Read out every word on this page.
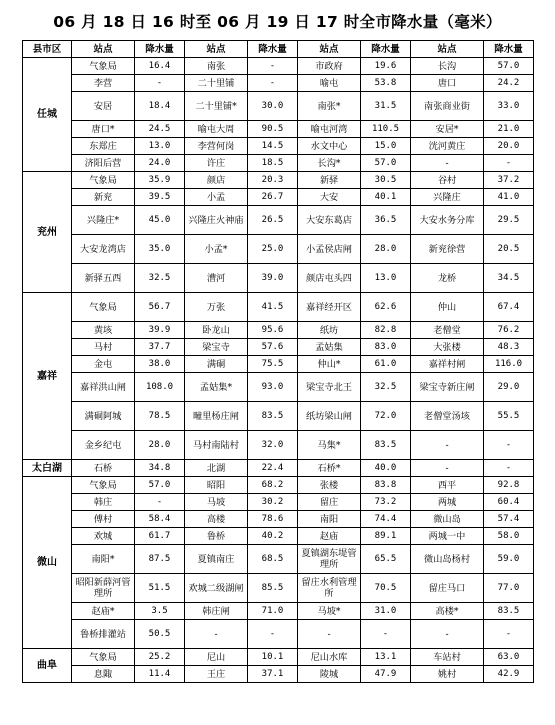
06 月 18 日 16 时至 06 月 19 日 17 时全市降水量（毫米）
县市区	站点	降水量	站点	降水量	站点	降水量	站点	降水量
任城	气象局	16.4	南张	-	市政府	19.6	长沟	57.0
	李营	-	二十里铺	-	喻屯	53.8	唐口	24.2
	安居	18.4	二十里铺*	30.0	南张*	31.5	南张商业街	33.0
	唐口*	24.5	喻屯大周	90.5	喻屯河湾	110.5	安居*	21.0
	东郑庄	13.0	李营何岗	14.5	水文中心	15.0	洸河黄庄	20.0
	济阳后营	24.0	许庄	18.5	长沟*	57.0	-	-
兖州	气象局	35.9	颜店	20.3	新驿	30.5	谷村	37.2
	新兖	39.5	小孟	26.7	大安	40.1	兴隆庄	41.0
	兴隆庄*	45.0	兴隆庄火神庙	26.5	大安东葛店	36.5	大安水务分库	29.5
	大安龙湾店	35.0	小孟*	25.0	小孟侯店闸	28.0	新兖徐营	20.5
	新驿五西	32.5	漕河	39.0	颜店屯头四	13.0	龙桥	34.5
嘉祥	气象局	56.7	万张	41.5	嘉祥经开区	62.6	仲山	67.4
	黄垓	39.9	卧龙山	95.6	纸坊	82.8	老僧堂	76.2
	马村	37.7	梁宝寺	57.6	孟姑集	83.0	大张楼	48.3
	金屯	38.0	满硐	75.5	仲山*	61.0	嘉祥村闸	116.0
	嘉祥洪山闸	108.0	孟姑集*	93.0	梁宝寺北王	32.5	梁宝寺新庄闸	29.0
	满硐阿城	78.5	疃里杨庄闸	83.5	纸坊梁山闸	72.0	老僧堂汤垓	55.5
	金乡纪屯	28.0	马村南陆村	32.0	马集*	83.5	-	-
太白湖	石桥	34.8	北湖	22.4	石桥*	40.0	-	-
微山	气象局	57.0	昭阳	68.2	张楼	83.8	西平	92.8
	韩庄	-	马坡	30.2	留庄	73.2	两城	60.4
	傅村	58.4	高楼	78.6	南阳	74.4	微山岛	57.4
	欢城	61.7	鲁桥	40.2	赵庙	89.1	两城一中	58.0
	南阳*	87.5	夏镇南庄	68.5	夏镇湖东堤管理所	65.5	微山岛杨村	59.0
	昭阳新薛河管理所	51.5	欢城二级湖闸	85.5	留庄水利管理所	70.5	留庄马口	77.0
	赵庙*	3.5	韩庄闸	71.0	马坡*	31.0	高楼*	83.5
	鲁桥排灌站	50.5	-	-	-	-	-	-
曲阜	气象局	25.2	尼山	10.1	尼山水库	13.1	车站村	63.0
	息陬	11.4	王庄	37.1	陵城	47.9	姚村	42.9
